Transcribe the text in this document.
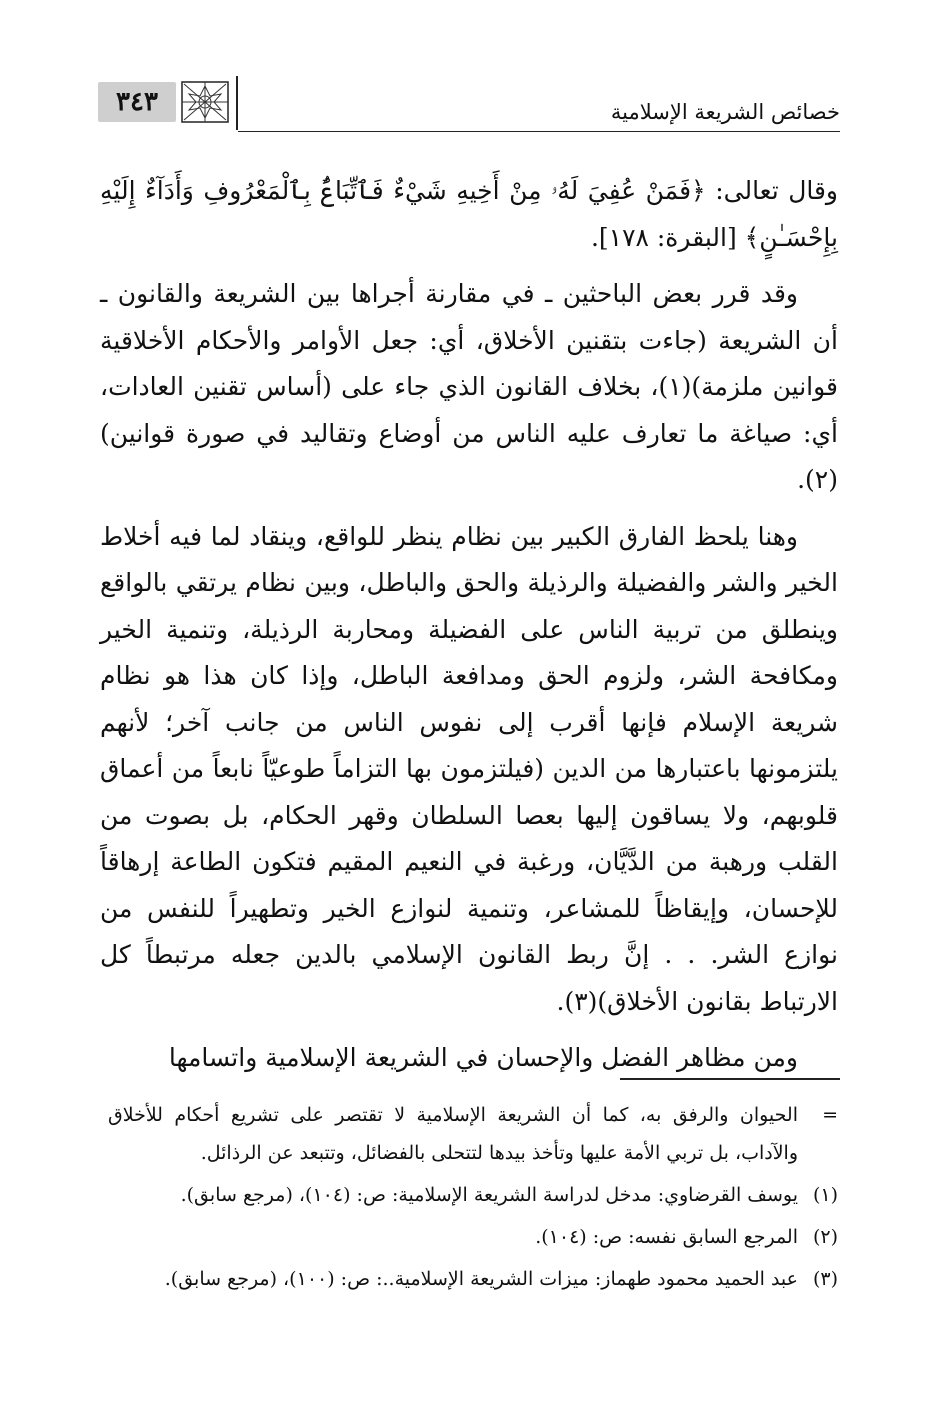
٣٤٣	خصائص الشريعة الإسلامية

وقال تعالى: ﴿فَمَنْ عُفِيَ لَهُۥ مِنْ أَخِيهِ شَيْءٌ فَٱتِّبَاعٌۢ بِٱلْمَعْرُوفِ وَأَدَآءٌ إِلَيْهِ بِإِحْسَـٰنٍ﴾ [البقرة: ١٧٨].

وقد قرر بعض الباحثين ـ في مقارنة أجراها بين الشريعة والقانون ـ أن الشريعة (جاءت بتقنين الأخلاق، أي: جعل الأوامر والأحكام الأخلاقية قوانين ملزمة)(١)، بخلاف القانون الذي جاء على (أساس تقنين العادات، أي: صياغة ما تعارف عليه الناس من أوضاع وتقاليد في صورة قوانين)(٢).

وهنا يلحظ الفارق الكبير بين نظام ينظر للواقع، وينقاد لما فيه أخلاط الخير والشر والفضيلة والرذيلة والحق والباطل، وبين نظام يرتقي بالواقع وينطلق من تربية الناس على الفضيلة ومحاربة الرذيلة، وتنمية الخير ومكافحة الشر، ولزوم الحق ومدافعة الباطل، وإذا كان هذا هو نظام شريعة الإسلام فإنها أقرب إلى نفوس الناس من جانب آخر؛ لأنهم يلتزمونها باعتبارها من الدين (فيلتزمون بها التزاماً طوعيّاً نابعاً من أعماق قلوبهم، ولا يساقون إليها بعصا السلطان وقهر الحكام، بل بصوت من القلب ورهبة من الدَّيَّان، ورغبة في النعيم المقيم فتكون الطاعة إرهاقاً للإحسان، وإيقاظاً للمشاعر، وتنمية لنوازع الخير وتطهيراً للنفس من نوازع الشر. . . إنَّ ربط القانون الإسلامي بالدين جعله مرتبطاً كل الارتباط بقانون الأخلاق)(٣).

ومن مظاهر الفضل والإحسان في الشريعة الإسلامية واتسامها

=
الحيوان والرفق به، كما أن الشريعة الإسلامية لا تقتصر على تشريع أحكام للأخلاق والآداب، بل تربي الأمة عليها وتأخذ بيدها لتتحلى بالفضائل، وتتبعد عن الرذائل.
(١)
يوسف القرضاوي: مدخل لدراسة الشريعة الإسلامية: ص: (١٠٤)، (مرجع سابق).
(٢)
المرجع السابق نفسه: ص: (١٠٤).
(٣)
عبد الحميد محمود طهماز: ميزات الشريعة الإسلامية..: ص: (١٠٠)، (مرجع سابق).
